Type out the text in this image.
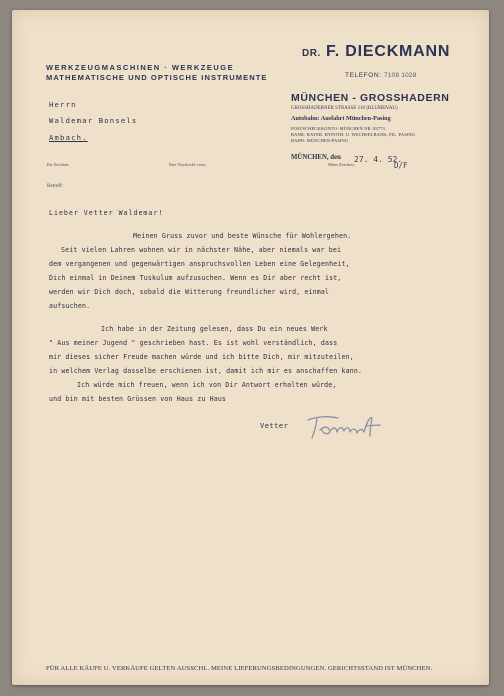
DR. F. DIECKMANN
WERKZEUGMASCHINEN · WERKZEUGE
MATHEMATISCHE UND OPTISCHE INSTRUMENTE	TELEFON: 7108 1028
MÜNCHEN - GROSSHADERN
GROSSHADERNER STRASSE 110 (BLUMENAU)
Autobahn: Ausfahrt München-Pasing
POSTSCHECKKONTO: MÜNCHEN NR. 83773
BANK: BAYER. HYPOTH. U. WECHSELBANK, FIL. PASING
BAHN: MÜNCHEN-PASING
MÜNCHEN, den 27. 4. 52.
Herrn
Waldemar Bonsels
Ambach.
Ihr Zeichen:	Ihre Nachricht vom:	Mein Zeichen:	D/F
Betreff:
Lieber Vetter Waldemar!
Meinen Gruss zuvor und beste Wünsche für Wohlergehen.
Seit vielen Lahren wohnen wir in nächster Nähe, aber niemals war bei
dem vergangenen und gegenwärtigen anspruchsvollen Leben eine Gelegenheit,
Dich einmal in Deinem Tuskulum aufzusuchen. Wenn es Dir aber recht ist,
werden wir Dich doch, sobald die Witterung freundlicher wird, einmal
aufsuchen.
Ich habe in der Zeitung gelesen, dass Du ein neues Werk
" Aus meiner Jugend " geschrieben hast. Es ist wohl verständlich, dass
mir dieses sicher Freude machen würde und ich bitte Dich, mir mitzuteilen,
in welchem Verlag dasselbe erschienen ist, damit ich mir es anschaffen kann.
Ich würde mich freuen, wenn ich von Dir Antwort erhalten würde,
und bin mit besten Grüssen von Haus zu Haus
Vetter
FÜR ALLE KÄUFE U. VERKÄUFE GELTEN AUSSCHL. MEINE LIEFERUNGSBEDINGUNGEN. GERICHTSSTAND IST MÜNCHEN.
